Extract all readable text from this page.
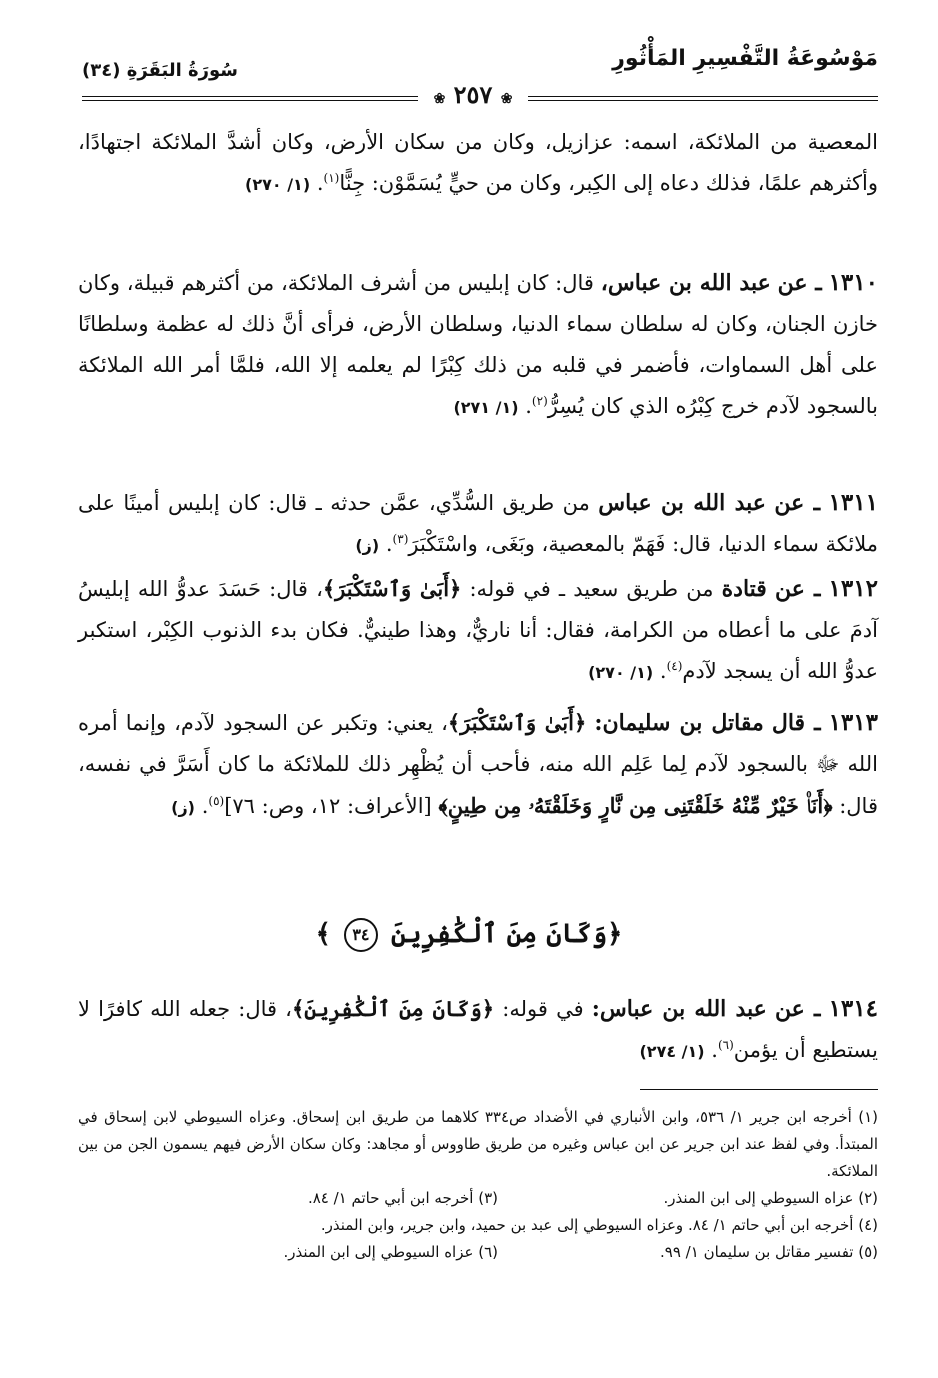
مَوْسُوعَةُ التَّفْسِيرِ المَأْثُورِ
سُورَةُ البَقَرَةِ (٣٤)
❀ ٢٥٧ ❀
المعصية من الملائكة، اسمه: عزازيل، وكان من سكان الأرض، وكان أشدَّ الملائكة اجتهادًا، وأكثرهم علمًا، فذلك دعاه إلى الكِبر، وكان من حيٍّ يُسَمَّوْن: جِنًّا$^{(١)}$. (١/ ٢٧٠)
١٣١٠ ـ عن عبد الله بن عباس، قال: كان إبليس من أشرف الملائكة، من أكثرهم قبيلة، وكان خازن الجنان، وكان له سلطان سماء الدنيا، وسلطان الأرض، فرأى أنَّ ذلك له عظمة وسلطانًا على أهل السماوات، فأضمر في قلبه من ذلك كِبْرًا لم يعلمه إلا الله، فلمَّا أمر الله الملائكة بالسجود لآدم خرج كِبْرُه الذي كان يُسِرُّ$^{(٢)}$. (١/ ٢٧١)
١٣١١ ـ عن عبد الله بن عباس من طريق السُّدِّي، عمَّن حدثه ـ قال: كان إبليس أمينًا على ملائكة سماء الدنيا، قال: فَهَمّ بالمعصية، وبَغَى، واسْتَكْبَرَ$^{(٣)}$. (ز)
١٣١٢ ـ عن قتادة من طريق سعيد ـ في قوله: ﴿أَبَىٰ وَٱسْتَكْبَرَ﴾، قال: حَسَدَ عدوُّ الله إبليسُ آدمَ على ما أعطاه من الكرامة، فقال: أنا ناريٌّ، وهذا طينيٌّ. فكان بدء الذنوب الكِبْر، استكبر عدوُّ الله أن يسجد لآدم$^{(٤)}$. (١/ ٢٧٠)
١٣١٣ ـ قال مقاتل بن سليمان: ﴿أَبَىٰ وَٱسْتَكْبَرَ﴾، يعني: وتكبر عن السجود لآدم، وإنما أمره الله ﷻ بالسجود لآدم لِما عَلِم الله منه، فأحب أن يُظْهِر ذلك للملائكة ما كان أَسَرَّ في نفسه، قال: ﴿أَنَا۠ خَيْرٌ مِّنْهُ خَلَقْتَنِى مِن نَّارٍ وَخَلَقْتَهُۥ مِن طِينٍ﴾ [الأعراف: ١٢، وص: ٧٦]$^{(٥)}$. (ز)
﴿وَكَانَ مِنَ ٱلْكَٰفِرِينَ ٣٤ ﴾
١٣١٤ ـ عن عبد الله بن عباس: في قوله: ﴿وَكَانَ مِنَ ٱلْكَٰفِرِينَ﴾، قال: جعله الله كافرًا لا يستطيع أن يؤمن$^{(٦)}$. (١/ ٢٧٤)

(١) أخرجه ابن جرير ١/ ٥٣٦، وابن الأنباري في الأضداد ص٣٣٤ كلاهما من طريق ابن إسحاق. وعزاه السيوطي لابن إسحاق في المبتدأ. وفي لفظ عند ابن جرير عن ابن عباس وغيره من طريق طاووس أو مجاهد: وكان سكان الأرض فيهم يسمون الجن من بين الملائكة.

(٢) عزاه السيوطي إلى ابن المنذر.
(٣) أخرجه ابن أبي حاتم ١/ ٨٤.

(٤) أخرجه ابن أبي حاتم ١/ ٨٤. وعزاه السيوطي إلى عبد بن حميد، وابن جرير، وابن المنذر.

(٥) تفسير مقاتل بن سليمان ١/ ٩٩.
(٦) عزاه السيوطي إلى ابن المنذر.
